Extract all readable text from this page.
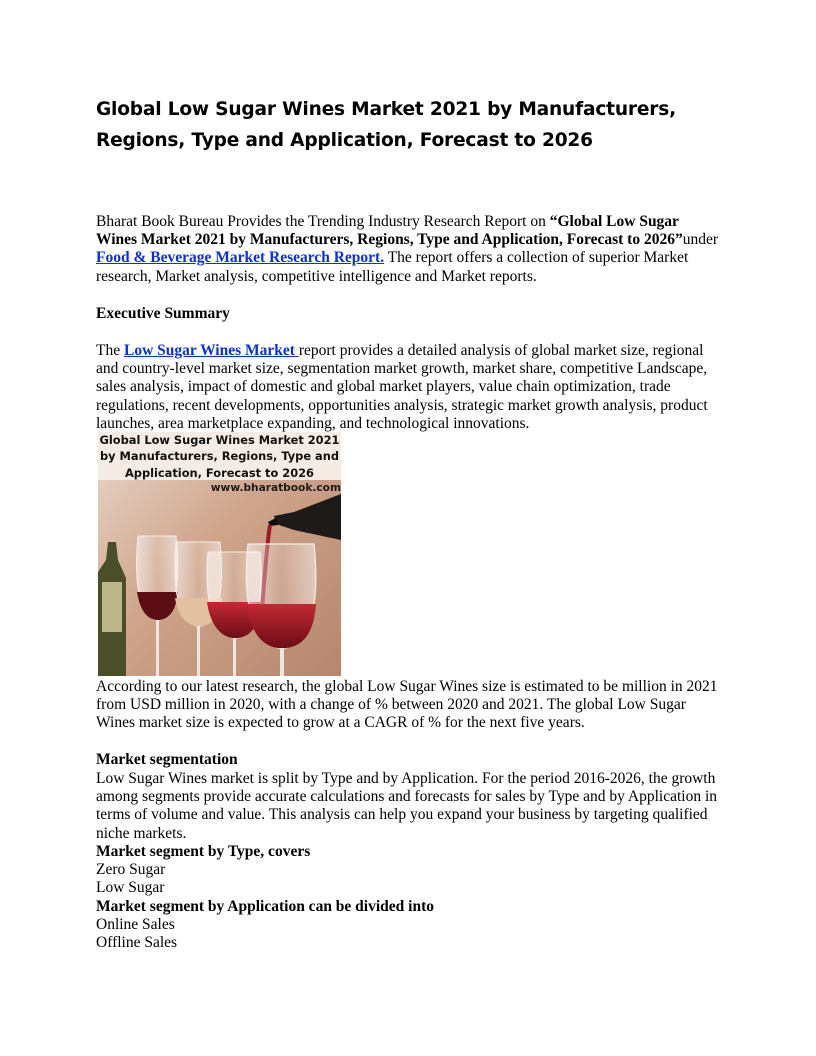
Global Low Sugar Wines Market 2021 by Manufacturers, Regions, Type and Application, Forecast to 2026

Bharat Book Bureau Provides the Trending Industry Research Report on “Global Low Sugar Wines Market 2021 by Manufacturers, Regions, Type and Application, Forecast to 2026”under Food & Beverage Market Research Report. The report offers a collection of superior Market research, Market analysis, competitive intelligence and Market reports.

Executive Summary

The Low Sugar Wines Market report provides a detailed analysis of global market size, regional and country-level market size, segmentation market growth, market share, competitive Landscape, sales analysis, impact of domestic and global market players, value chain optimization, trade regulations, recent developments, opportunities analysis, strategic market growth analysis, product launches, area marketplace expanding, and technological innovations.

Global Low Sugar Wines Market 2021 by Manufacturers, Regions, Type and Application, Forecast to 2026
www.bharatbook.com

According to our latest research, the global Low Sugar Wines size is estimated to be million in 2021 from USD million in 2020, with a change of % between 2020 and 2021. The global Low Sugar Wines market size is expected to grow at a CAGR of % for the next five years.

Market segmentation

Low Sugar Wines market is split by Type and by Application. For the period 2016-2026, the growth among segments provide accurate calculations and forecasts for sales by Type and by Application in terms of volume and value. This analysis can help you expand your business by targeting qualified niche markets.

Market segment by Type, covers

Zero Sugar

Low Sugar

Market segment by Application can be divided into

Online Sales

Offline Sales
